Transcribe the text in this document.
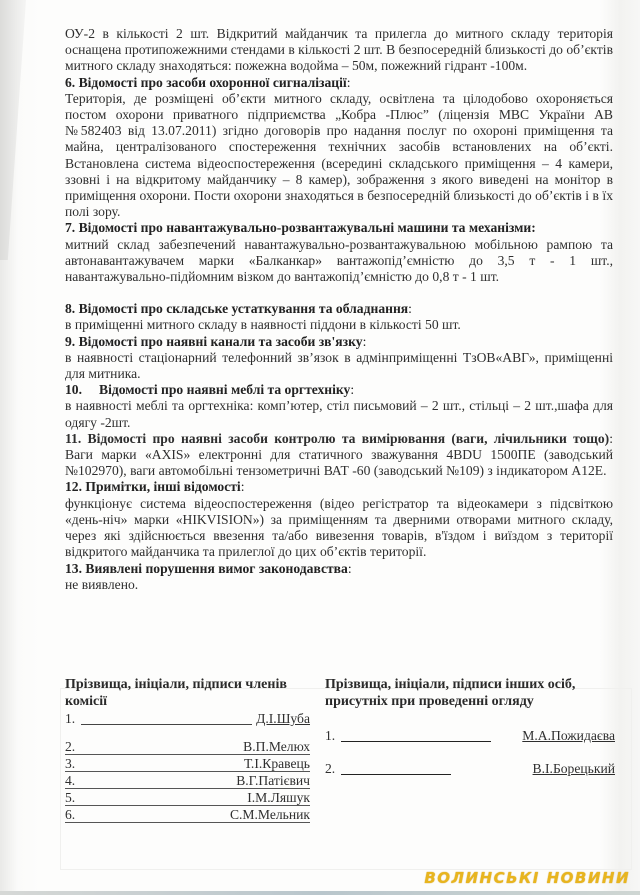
ОУ-2 в кількості 2 шт. Відкритий майданчик та прилегла до митного складу територія оснащена протипожежними стендами в кількості 2 шт. В безпосередній близькості до об’єктів митного складу знаходяться: пожежна водойма – 50м, пожежний гідрант -100м.

6. Відомості про засоби охоронної сигналізації:

Територія, де розміщені об’єкти митного складу, освітлена та цілодобово охороняється постом охорони приватного підприємства „Кобра -Плюс” (ліцензія МВС України АВ №582403 від 13.07.2011) згідно договорів про надання послуг по охороні приміщення та майна, централізованого спостереження технічних засобів встановлених на об’єкті. Встановлена система відеоспостереження (всередині складського приміщення – 4 камери, ззовні і на відкритому майданчику – 8 камер), зображення з якого виведені на монітор в приміщення охорони. Пости охорони знаходяться в безпосередній близькості до об’єктів і в їх полі зору.

7. Відомості про навантажувально-розвантажувальні машини та механізми:

митний склад забезпечений навантажувально-розвантажувальною мобільною рампою та автонавантажувачем марки «Балканкар» вантажопід’ємністю до 3,5 т - 1 шт., навантажувально-підйомним візком до вантажопід’ємністю до 0,8 т - 1 шт.

8. Відомості про складське устаткування та обладнання:

в приміщенні митного складу в наявності піддони в кількості 50 шт.

9. Відомості про наявні канали та засоби зв'язку:

в наявності стаціонарний телефонний зв’язок в адмінприміщенні ТзОВ«АВГ», приміщенні для митника.

10. Відомості про наявні меблі та оргтехніку:

в наявності меблі та оргтехніка: комп’ютер, стіл письмовий – 2 шт., стільці – 2 шт.,шафа для одягу -2шт.

11. Відомості про наявні засоби контролю та вимірювання (ваги, лічильники тощо): Ваги марки «AXIS» електронні для статичного зважування 4BDU 1500ПЕ (заводський №102970), ваги автомобільні тензометричні ВАТ -60 (заводський №109) з індикатором А12Е.

12. Примітки, інші відомості:

функціонує система відеоспостереження (відео регістратор та відеокамери з підсвіткою «день-ніч» марки «HIKVISION») за приміщенням та дверними отворами митного складу, через які здійснюється ввезення та/або вивезення товарів, в'їздом і виїздом з території відкритого майданчика та прилеглої до цих об’єктів території.

13. Виявлені порушення вимог законодавства:

не виявлено.

Прізвища, ініціали, підписи членів комісії

1.	Д.І.Шуба
2.	В.П.Мелюх
3.	Т.І.Кравець
4.	В.Г.Патієвич
5.	І.М.Ляшук
6.	С.М.Мельник

Прізвища, ініціали, підписи інших осіб, присутніх при проведенні огляду

1.	М.А.Пожидаєва
2.	В.І.Борецький
ВОЛИНСЬКІ НОВИНИ
